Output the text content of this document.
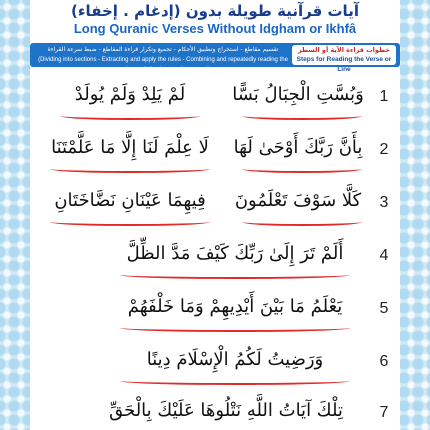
آيات قرآنية طويلة بدون (إدغام . إخفاء)
Long Quranic Verses Without Idgham or Ikhfâ
تقسيم مقاطع - استخراج وتطبيق الأحكام - تجميع وتكرار قراءة المقاطع - ضبط سرعة القراءة
(Dividing into sections - Extracting and apply the rules - Combining and repeatedly reading the sections - Adjusting reading speed)
خطوات قراءة الآية أو السطر
Steps for Reading the Verse or Line
1
وَبُسَّتِ الْجِبَالُ بَسًّا
لَمْ يَلِدْ وَلَمْ يُولَدْ
2
بِأَنَّ رَبَّكَ أَوْحَىٰ لَهَا
لَا عِلْمَ لَنَا إِلَّا مَا عَلَّمْتَنَا
3
كَلَّا سَوْفَ تَعْلَمُونَ
فِيهِمَا عَيْنَانِ نَضَّاخَتَانِ
4
أَلَمْ تَرَ إِلَىٰ رَبِّكَ كَيْفَ مَدَّ الظِّلَّ
5
يَعْلَمُ مَا بَيْنَ أَيْدِيهِمْ وَمَا خَلْفَهُمْ
6
وَرَضِيتُ لَكُمُ الْإِسْلَامَ دِينًا
7
تِلْكَ آيَاتُ اللَّهِ نَتْلُوهَا عَلَيْكَ بِالْحَقِّ
